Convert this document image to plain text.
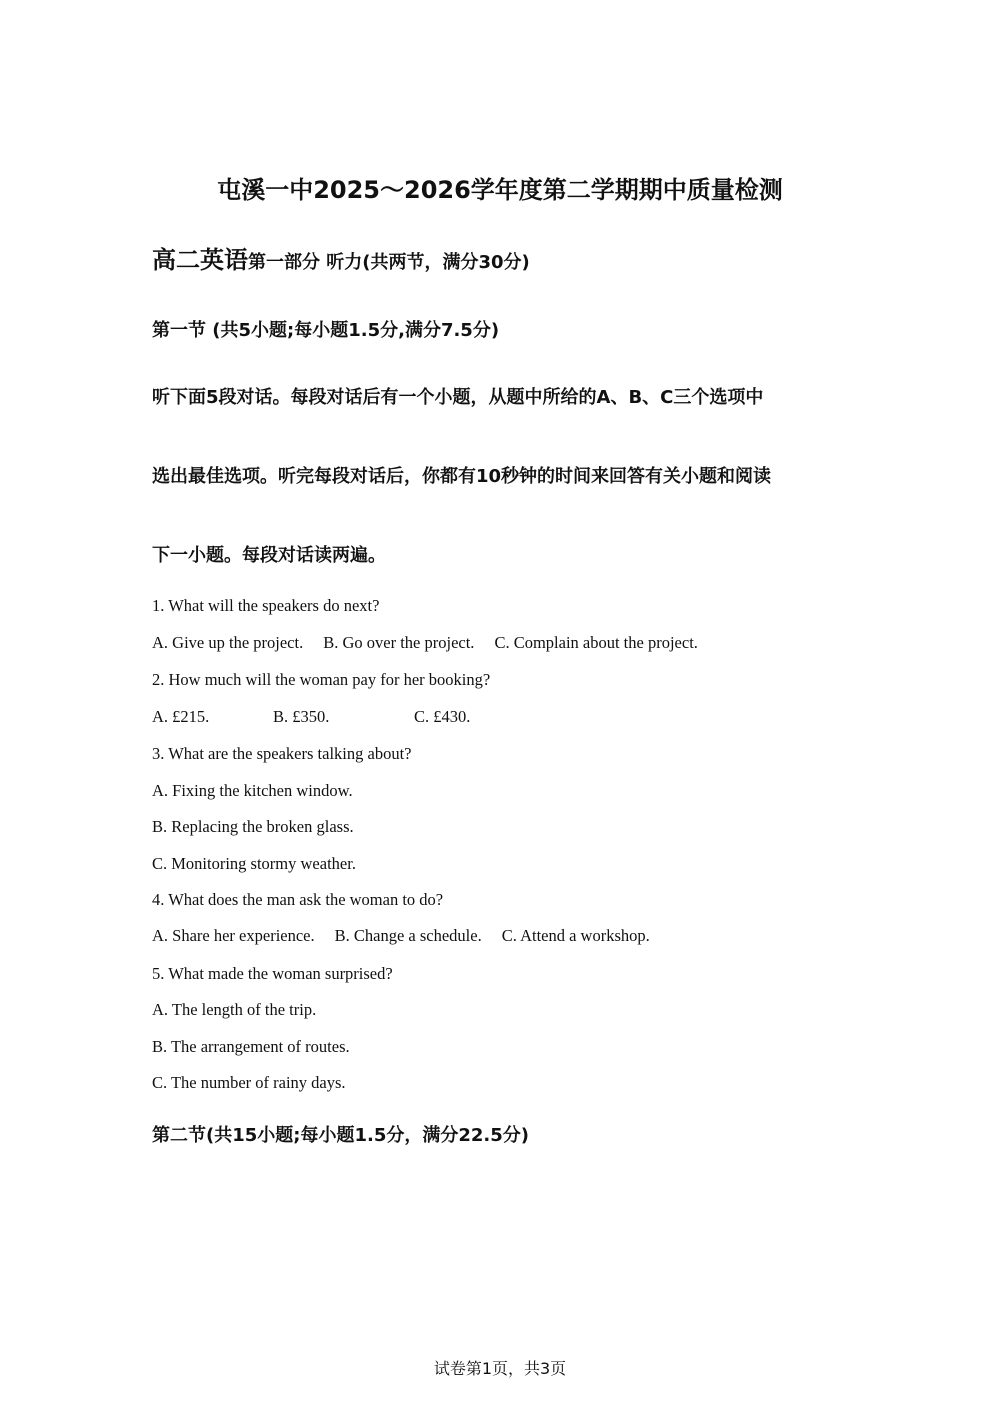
屯溪一中2025～2026学年度第二学期期中质量检测
高二英语第一部分 听力(共两节，满分30分)
第一节 (共5小题;每小题1.5分,满分7.5分)
听下面5段对话。每段对话后有一个小题，从题中所给的A、B、C三个选项中
选出最佳选项。听完每段对话后，你都有10秒钟的时间来回答有关小题和阅读
下一小题。每段对话读两遍。
1. What will the speakers do next?
A. Give up the project. B. Go over the project. C. Complain about the project.
2. How much will the woman pay for her booking?
A. £215.	B. £350.	C. £430.
3. What are the speakers talking about?
A. Fixing the kitchen window.
B. Replacing the broken glass.
C. Monitoring stormy weather.
4. What does the man ask the woman to do?
A. Share her experience. B. Change a schedule. C. Attend a workshop.
5. What made the woman surprised?
A. The length of the trip.
B. The arrangement of routes.
C. The number of rainy days.
第二节(共15小题;每小题1.5分，满分22.5分)
试卷第1页，共3页
